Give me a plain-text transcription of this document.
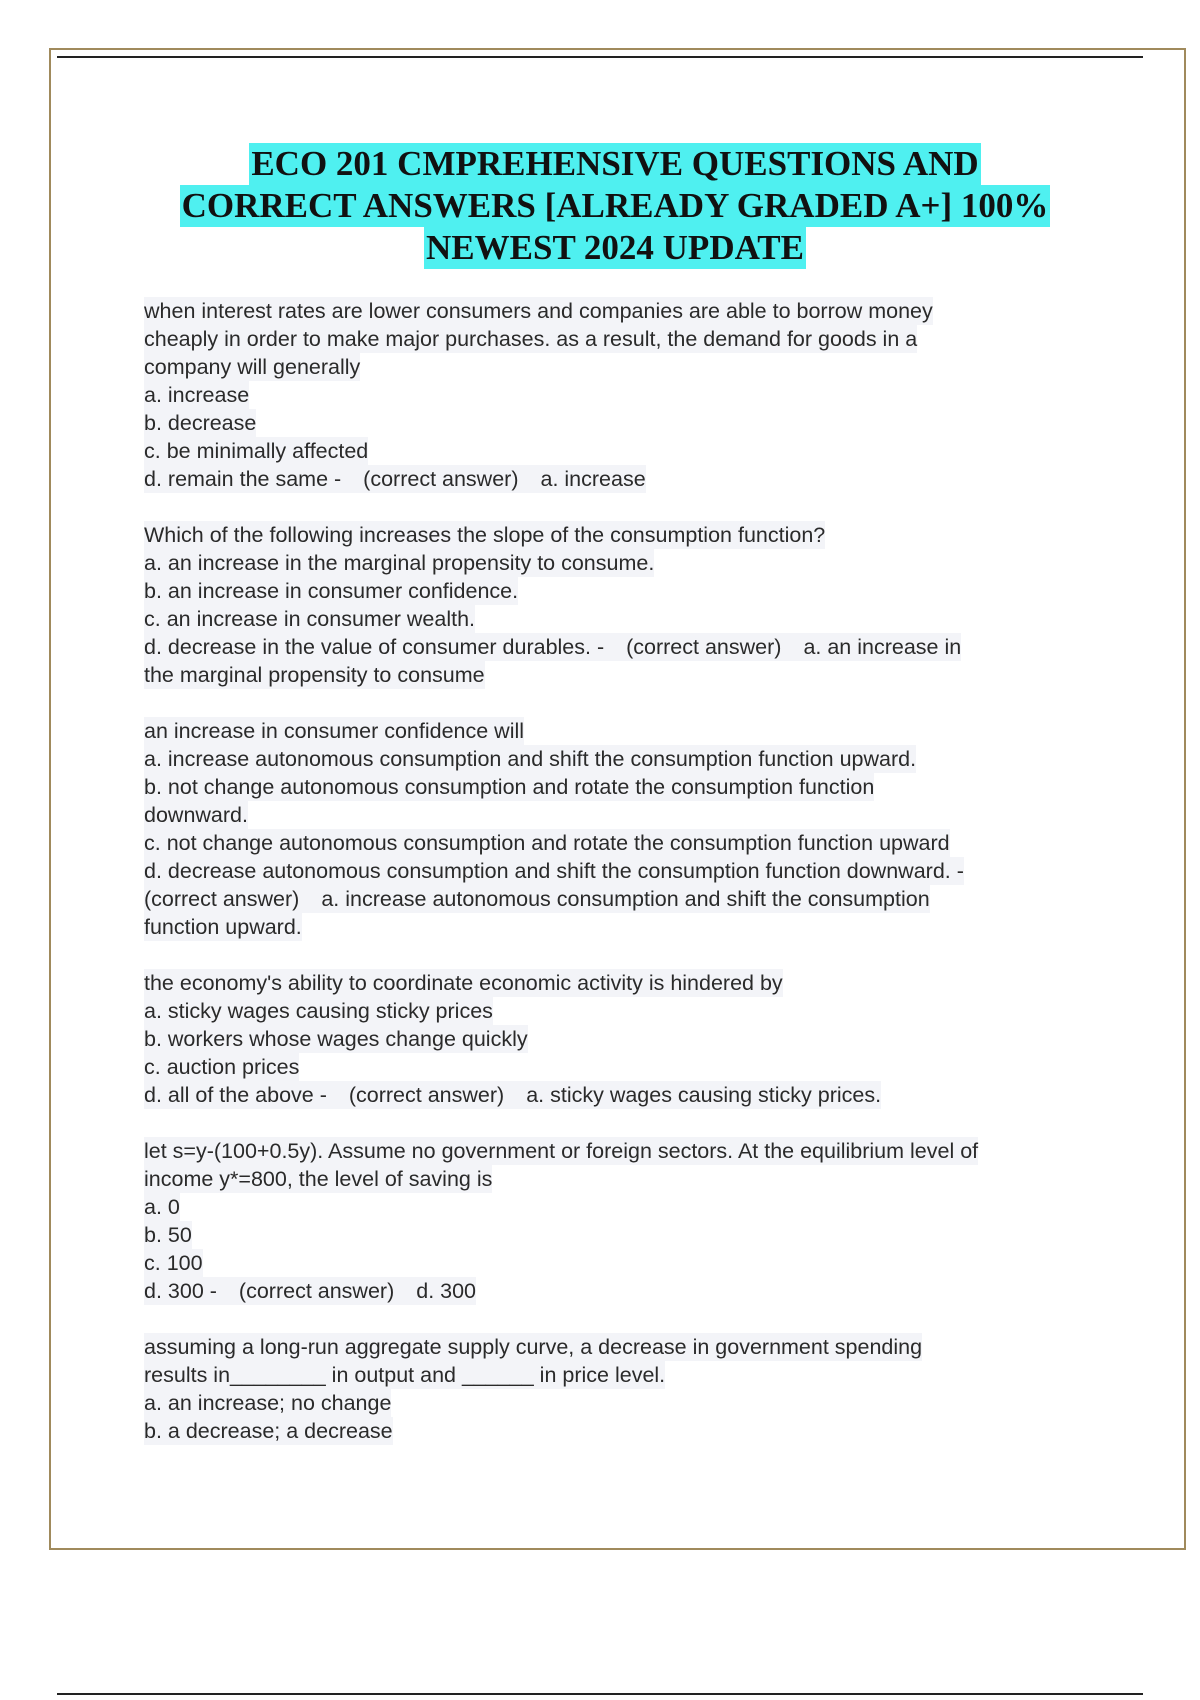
ECO 201 CMPREHENSIVE QUESTIONS AND
CORRECT ANSWERS [ALREADY GRADED A+] 100%
NEWEST 2024 UPDATE
when interest rates are lower consumers and companies are able to borrow money
cheaply in order to make major purchases. as a result, the demand for goods in a
company will generally
a. increase
b. decrease
c. be minimally affected
d. remain the same - (correct answer) a. increase
Which of the following increases the slope of the consumption function?
a. an increase in the marginal propensity to consume.
b. an increase in consumer confidence.
c. an increase in consumer wealth.
d. decrease in the value of consumer durables. - (correct answer) a. an increase in
the marginal propensity to consume
an increase in consumer confidence will
a. increase autonomous consumption and shift the consumption function upward.
b. not change autonomous consumption and rotate the consumption function
downward.
c. not change autonomous consumption and rotate the consumption function upward
d. decrease autonomous consumption and shift the consumption function downward. -
(correct answer) a. increase autonomous consumption and shift the consumption
function upward.
the economy's ability to coordinate economic activity is hindered by
a. sticky wages causing sticky prices
b. workers whose wages change quickly
c. auction prices
d. all of the above - (correct answer) a. sticky wages causing sticky prices.
let s=y-(100+0.5y). Assume no government or foreign sectors. At the equilibrium level of
income y*=800, the level of saving is
a. 0
b. 50
c. 100
d. 300 - (correct answer) d. 300
assuming a long-run aggregate supply curve, a decrease in government spending
results in________ in output and ______ in price level.
a. an increase; no change
b. a decrease; a decrease
